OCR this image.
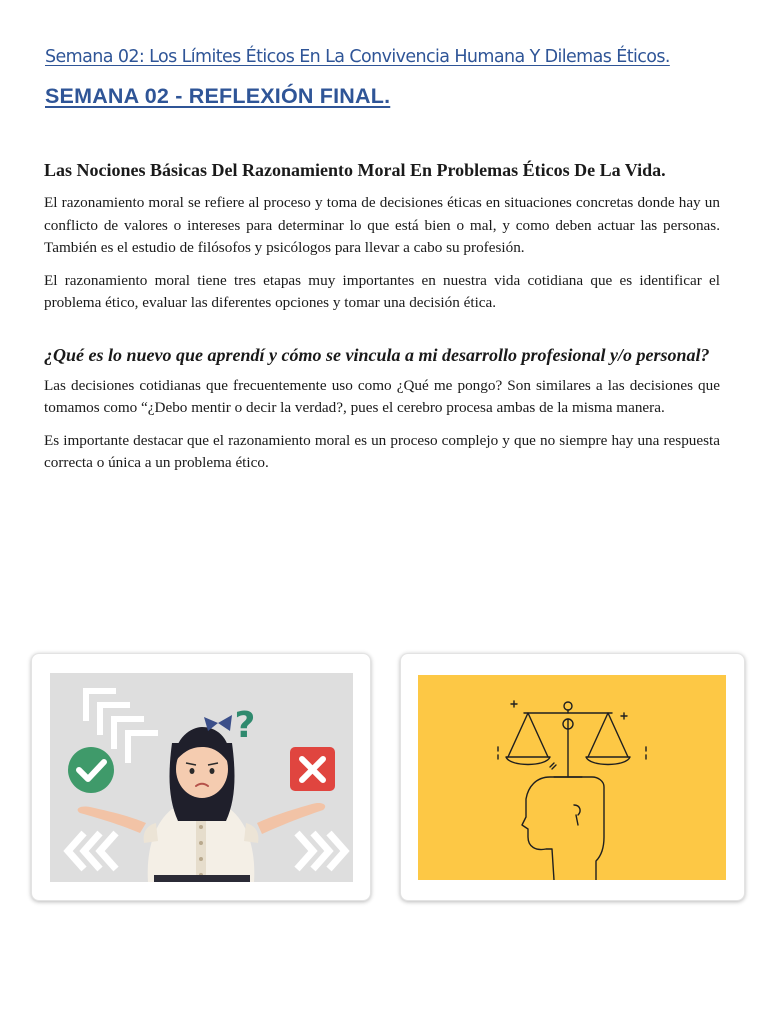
Semana 02: Los Límites Éticos En La Convivencia Humana Y Dilemas Éticos.
SEMANA 02 - REFLEXIÓN FINAL.
Las Nociones Básicas Del Razonamiento Moral En Problemas Éticos De La Vida.

El razonamiento moral se refiere al proceso y toma de decisiones éticas en situaciones concretas donde hay un conflicto de valores o intereses para determinar lo que está bien o mal, y como deben actuar las personas. También es el estudio de filósofos y psicólogos para llevar a cabo su profesión.

El razonamiento moral tiene tres etapas muy importantes en nuestra vida cotidiana que es identificar el problema ético, evaluar las diferentes opciones y tomar una decisión ética.

¿Qué es lo nuevo que aprendí y cómo se vincula a mi desarrollo profesional y/o personal?

Las decisiones cotidianas que frecuentemente uso como ¿Qué me pongo? Son similares a las decisiones que tomamos como “¿Debo mentir o decir la verdad?, pues el cerebro procesa ambas de la misma manera.

Es importante destacar que el razonamiento moral es un proceso complejo y que no siempre hay una respuesta correcta o única a un problema ético.

?
